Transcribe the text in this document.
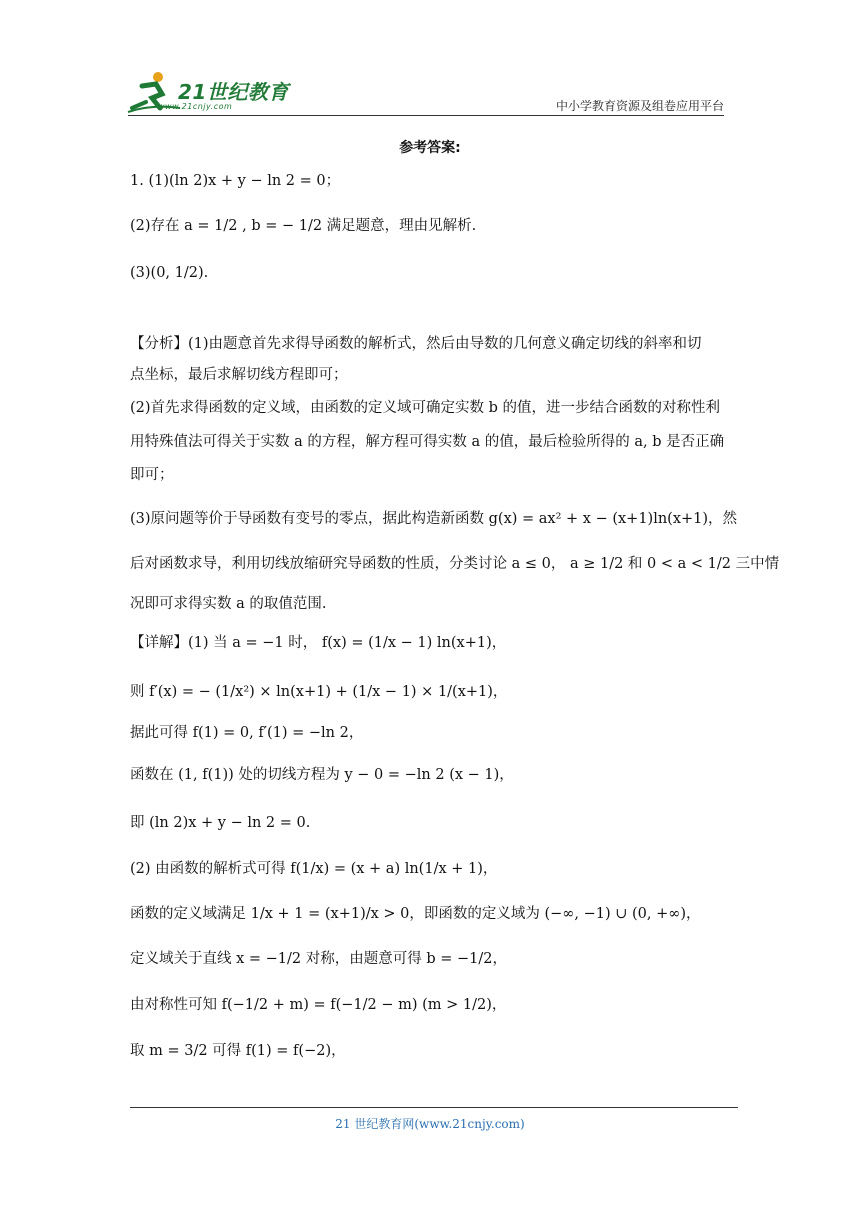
21世纪教育
www.21cnjy.com	中小学教育资源及组卷应用平台
参考答案:
1. (1)(ln 2)x + y − ln 2 = 0；
(2)存在 a = 1/2 , b = − 1/2 满足题意，理由见解析.
(3)(0, 1/2).
【分析】(1)由题意首先求得导函数的解析式，然后由导数的几何意义确定切线的斜率和切
点坐标，最后求解切线方程即可；
(2)首先求得函数的定义域，由函数的定义域可确定实数 b 的值，进一步结合函数的对称性利
用特殊值法可得关于实数 a 的方程，解方程可得实数 a 的值，最后检验所得的 a, b 是否正确
即可；
(3)原问题等价于导函数有变号的零点，据此构造新函数 g(x) = ax² + x − (x+1)ln(x+1)，然
后对函数求导，利用切线放缩研究导函数的性质，分类讨论 a ≤ 0， a ≥ 1/2 和 0 < a < 1/2 三中情
况即可求得实数 a 的取值范围.
【详解】(1) 当 a = −1 时， f(x) = (1/x − 1) ln(x+1)，
则 f′(x) = − (1/x²) × ln(x+1) + (1/x − 1) × 1/(x+1)，
据此可得 f(1) = 0, f′(1) = −ln 2，
函数在 (1, f(1)) 处的切线方程为 y − 0 = −ln 2 (x − 1)，
即 (ln 2)x + y − ln 2 = 0.
(2) 由函数的解析式可得 f(1/x) = (x + a) ln(1/x + 1)，
函数的定义域满足 1/x + 1 = (x+1)/x > 0，即函数的定义域为 (−∞, −1) ∪ (0, +∞)，
定义域关于直线 x = −1/2 对称，由题意可得 b = −1/2，
由对称性可知 f(−1/2 + m) = f(−1/2 − m) (m > 1/2)，
取 m = 3/2 可得 f(1) = f(−2)，
21 世纪教育网(www.21cnjy.com)
